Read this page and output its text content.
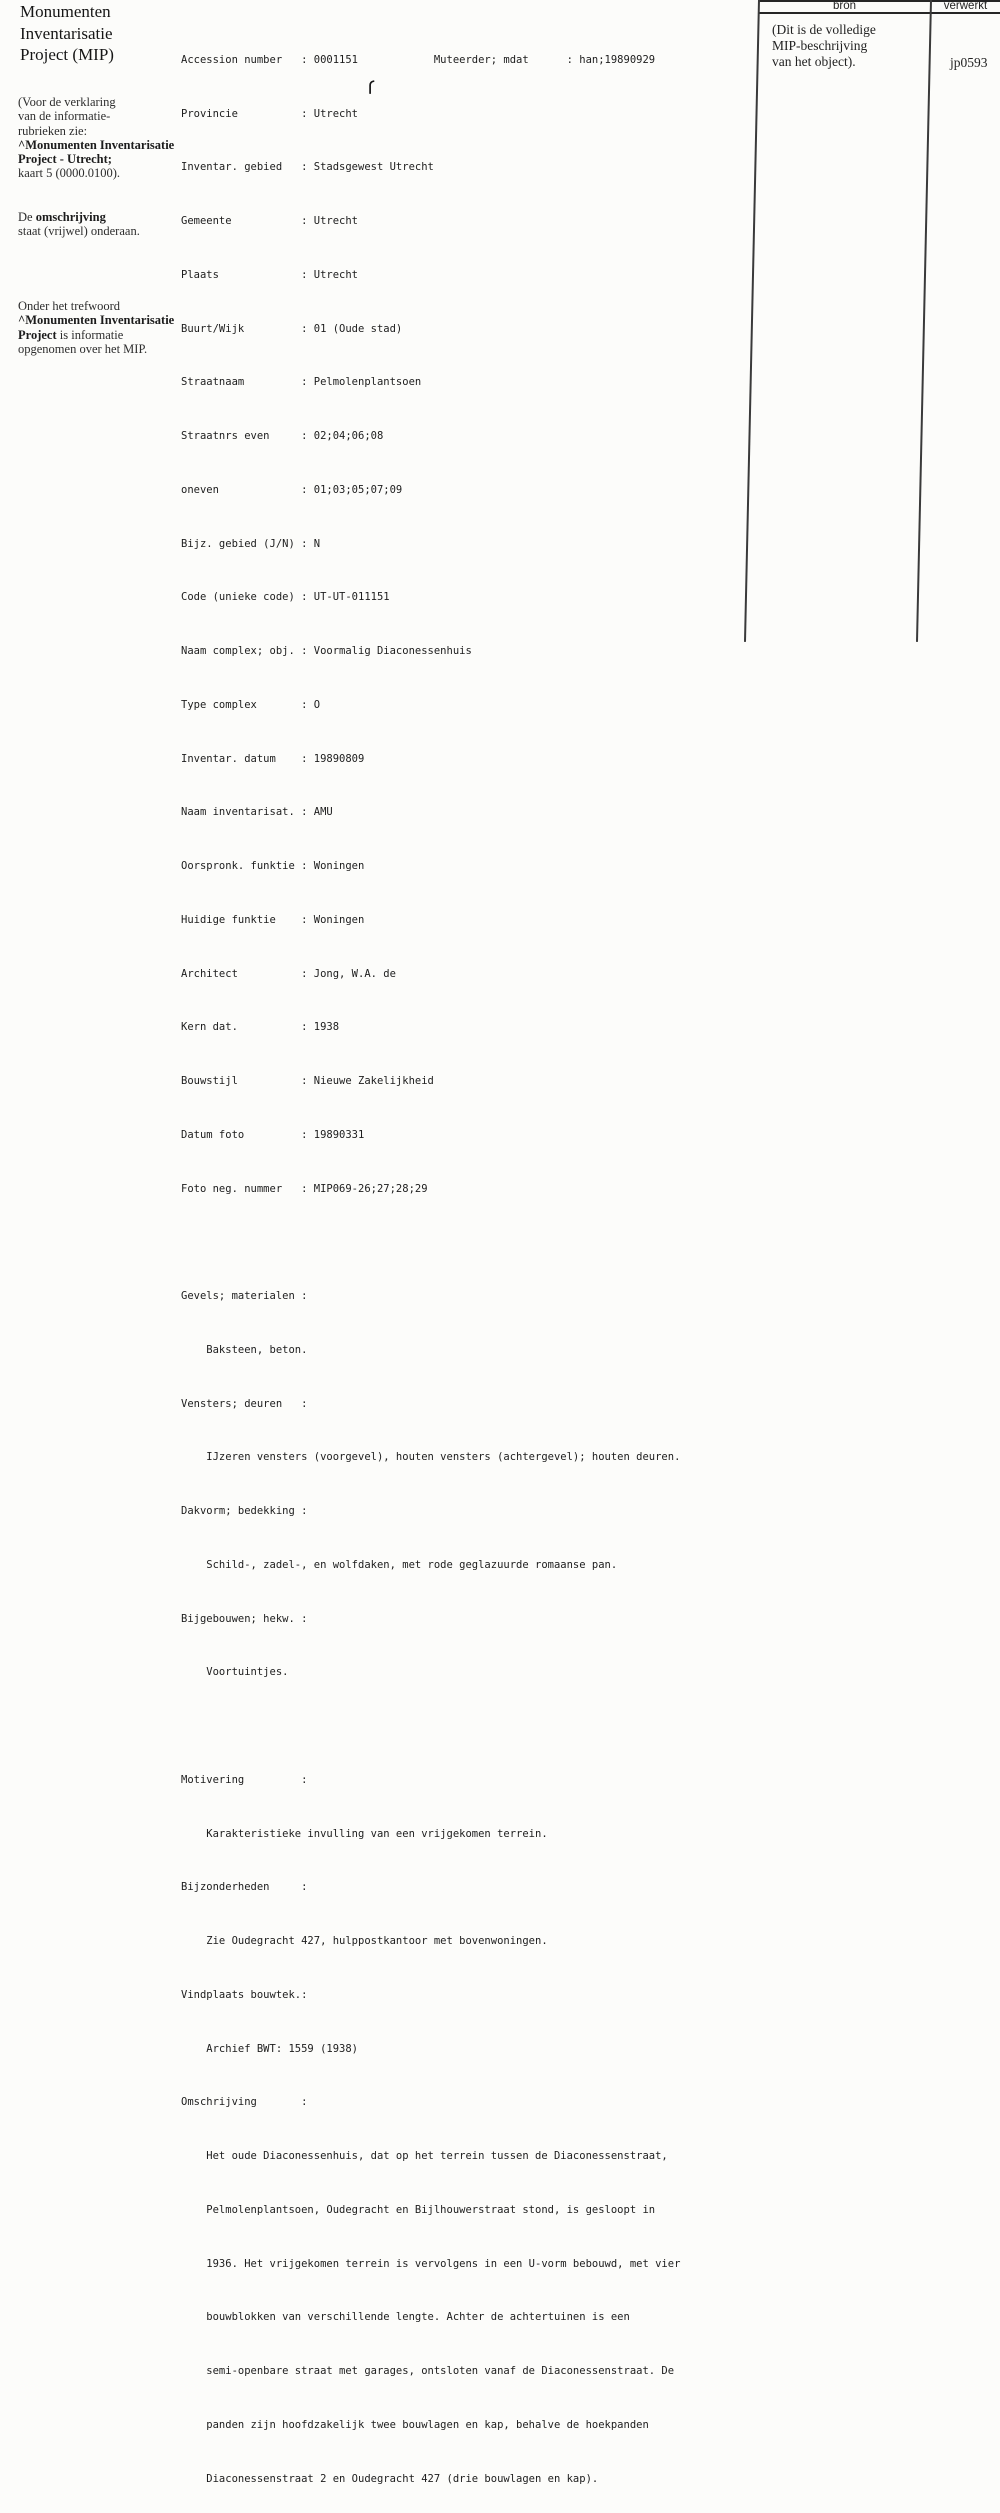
Monumenten
Inventarisatie
Project (MIP)
(Voor de verklaring
van de informatie-
rubrieken zie:
^Monumenten Inventarisatie
Project - Utrecht;
kaart 5 (0000.0100).
De omschrijving
staat (vrijwel) onderaan.
Onder het trefwoord
^Monumenten Inventarisatie
Project is informatie
opgenomen over het MIP.

Accession number   : 0001151            Muteerder; mdat      : han;19890929

Provincie          : Utrecht

Inventar. gebied   : Stadsgewest Utrecht

Gemeente           : Utrecht

Plaats             : Utrecht

Buurt/Wijk         : 01 (Oude stad)

Straatnaam         : Pelmolenplantsoen

Straatnrs even     : 02;04;06;08

oneven             : 01;03;05;07;09

Bijz. gebied (J/N) : N

Code (unieke code) : UT-UT-011151

Naam complex; obj. : Voormalig Diaconessenhuis

Type complex       : O

Inventar. datum    : 19890809

Naam inventarisat. : AMU

Oorspronk. funktie : Woningen

Huidige funktie    : Woningen

Architect          : Jong, W.A. de

Kern dat.          : 1938

Bouwstijl          : Nieuwe Zakelijkheid

Datum foto         : 19890331

Foto neg. nummer   : MIP069-26;27;28;29

Gevels; materialen :

Baksteen, beton.

Vensters; deuren   :

IJzeren vensters (voorgevel), houten vensters (achtergevel); houten deuren.

Dakvorm; bedekking :

Schild-, zadel-, en wolfdaken, met rode geglazuurde romaanse pan.

Bijgebouwen; hekw. :

Voortuintjes.

Motivering         :

Karakteristieke invulling van een vrijgekomen terrein.

Bijzonderheden     :

Zie Oudegracht 427, hulppostkantoor met bovenwoningen.

Vindplaats bouwtek.:

Archief BWT: 1559 (1938)

Omschrijving       :

Het oude Diaconessenhuis, dat op het terrein tussen de Diaconessenstraat,

Pelmolenplantsoen, Oudegracht en Bijlhouwerstraat stond, is gesloopt in

1936. Het vrijgekomen terrein is vervolgens in een U-vorm bebouwd, met vier

bouwblokken van verschillende lengte. Achter de achtertuinen is een

semi-openbare straat met garages, ontsloten vanaf de Diaconessenstraat. De

panden zijn hoofdzakelijk twee bouwlagen en kap, behalve de hoekpanden

Diaconessenstraat 2 en Oudegracht 427 (drie bouwlagen en kap).

bron	verwerkt
(Dit is de volledige
MIP-beschrijving
van het object).	jp0593
